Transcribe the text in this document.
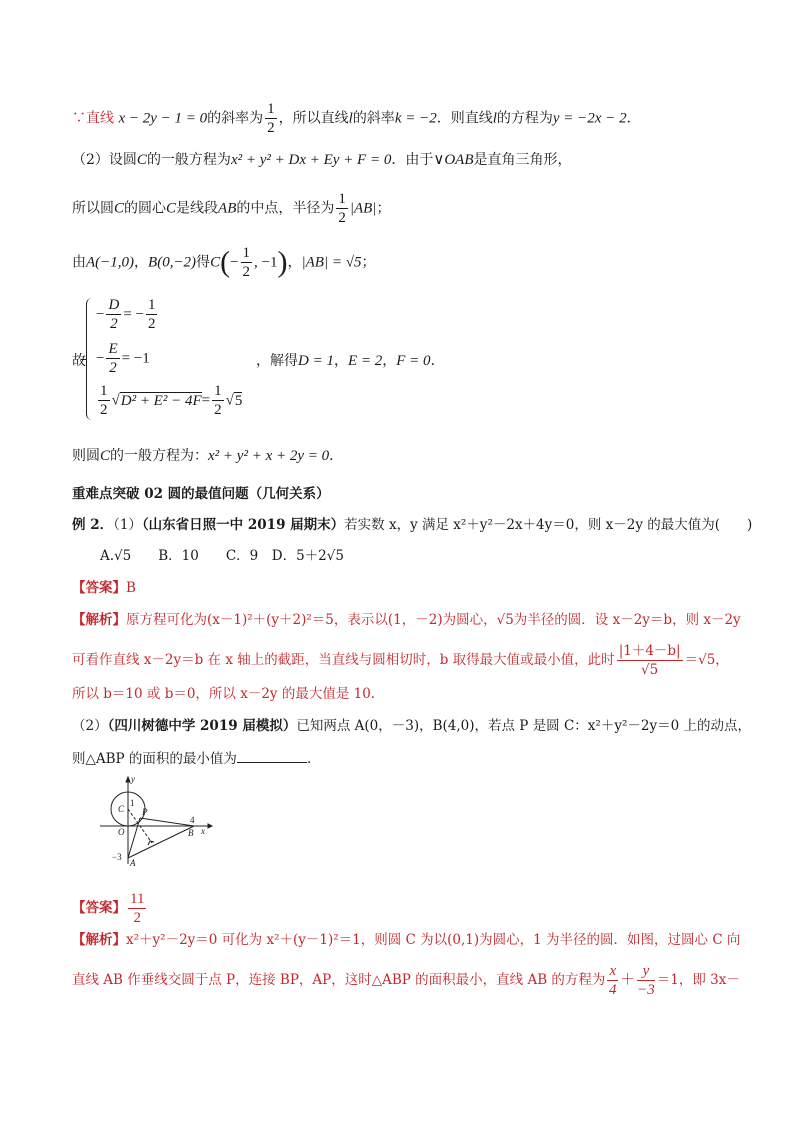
∵直线 x − 2y − 1 = 0的斜率为 $\frac{1}{2}$ ，所以直线l的斜率k = −2．则直线l的方程为y = −2x − 2．
（2）设圆C的一般方程为x² + y² + Dx + Ey + F = 0．由于∨OAB是直角三角形，
所以圆C的圆心C是线段AB的中点，半径为 $\frac{1}{2} |AB|$；
由A(−1,0)，B(0,−2)得$C(- \frac{1}{2}$ , −1)，|AB| = √5；
故
− $\frac{D}{2}$ = − $\frac{1}{2}$
− $\frac{E}{2} = -1$
$\frac{1}{2} √D^2 + E^2 - 4F= \frac{1}{2} √5$
，解得D = 1，E = 2，F = 0．
则圆C的一般方程为：x² + y² + x + 2y = 0．
重难点突破 02 圆的最值问题（几何关系）
例 2．（1）（山东省日照一中 2019 届期末）若实数 x，y 满足 x²＋y²－2x＋4y＝0，则 x－2y 的最大值为(　　)
A.√5　　B．10　　C．9　D．5＋2√5
【答案】B
【解析】原方程可化为(x－1)²＋(y＋2)²＝5，表示以(1，－2)为圆心，√5为半径的圆．设 x－2y＝b，则 x－2y
可看作直线 x－2y＝b 在 x 轴上的截距，当直线与圆相切时，b 取得最大值或最小值，此时 $\frac{|1+4-b|}{√5} =√5$，
所以 b＝10 或 b＝0，所以 x－2y 的最大值是 10.
（2）（四川树德中学 2019 届模拟）已知两点 A(0，－3)，B(4,0)，若点 P 是圆 C：x²＋y²－2y＝0 上的动点，
则△ABP 的面积的最小值为	．
y
x
C
O
P
A
B
1
4
−3
【答案】 $\frac{11}{2}$
【解析】x²＋y²－2y＝0 可化为 x²＋(y－1)²＝1，则圆 C 为以(0,1)为圆心，1 为半径的圆．如图，过圆心 C 向
直线 AB 作垂线交圆于点 P，连接 BP，AP，这时△ABP 的面积最小，直线 AB 的方程为 $\frac{x}{4} + \frac{y}{-3} =1$，即 3x－
